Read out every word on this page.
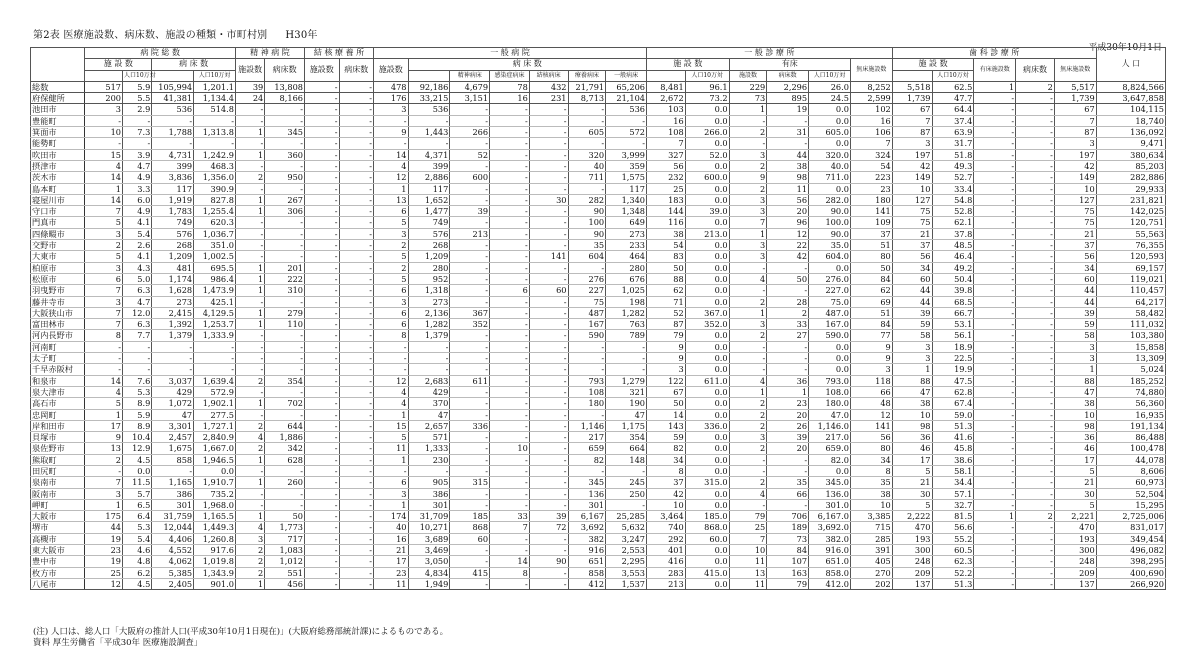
第2表 医療施設数、病床数、施設の種類・市町村別 H30年
平成30年10月1日
	病 院 総 数				精 神 病 院		結 核 療 養 所		一 般 病 院							一 般 診 療 所						歯 科 診 療 所					人 口
	施 設 数		病 床 数		施設数	病床数	施設数	病床数	施設数	病 床 数						施 設 数		有床			無床施設数	施 設 数		有床施設数	病床数	無床施設数	
		人口10万対		人口10万対							精神病床	感染症病床	結核病床	療養病床	一般病床		人口10万対	施設数	病床数	人口10万対			人口10万対				
総数	517	5.9	105,994	1,201.1	39	13,808	-	-	478	92,186	4,679	78	432	21,791	65,206	8,481	96.1	229	2,296	26.0	8,252	5,518	62.5	1	2	5,517	8,824,566
府保健所	200	5.5	41,381	1,134.4	24	8,166	-	-	176	33,215	3,151	16	231	8,713	21,104	2,672	73.2	73	895	24.5	2,599	1,739	47.7	-	-	1,739	3,647,858
池田市	3	2.9	536	514.8	-	-	-	-	3	536	-	-	-	-	536	103	0.0	1	19	0.0	102	67	64.4	-	-	67	104,115
豊能町	-	-	-	-	-	-	-	-	-	-	-	-	-	-	-	16	0.0	-	-	0.0	16	7	37.4	-	-	7	18,740
箕面市	10	7.3	1,788	1,313.8	1	345	-	-	9	1,443	266	-	-	605	572	108	266.0	2	31	605.0	106	87	63.9	-	-	87	136,092
能勢町	-	-	-	-	-	-	-	-	-	-	-	-	-	-	-	7	0.0	-	-	0.0	7	3	31.7	-	-	3	9,471
吹田市	15	3.9	4,731	1,242.9	1	360	-	-	14	4,371	52	-	-	320	3,999	327	52.0	3	44	320.0	324	197	51.8	-	-	197	380,634
摂津市	4	4.7	399	468.3	-	-	-	-	4	399	-	-	-	40	359	56	0.0	2	38	40.0	54	42	49.3	-	-	42	85,203
茨木市	14	4.9	3,836	1,356.0	2	950	-	-	12	2,886	600	-	-	711	1,575	232	600.0	9	98	711.0	223	149	52.7	-	-	149	282,886
島本町	1	3.3	117	390.9	-	-	-	-	1	117	-	-	-	-	117	25	0.0	2	11	0.0	23	10	33.4	-	-	10	29,933
寝屋川市	14	6.0	1,919	827.8	1	267	-	-	13	1,652	-	-	30	282	1,340	183	0.0	3	56	282.0	180	127	54.8	-	-	127	231,821
守口市	7	4.9	1,783	1,255.4	1	306	-	-	6	1,477	39	-	-	90	1,348	144	39.0	3	20	90.0	141	75	52.8	-	-	75	142,025
門真市	5	4.1	749	620.3	-	-	-	-	5	749	-	-	-	100	649	116	0.0	7	96	100.0	109	75	62.1	-	-	75	120,751
四條畷市	3	5.4	576	1,036.7	-	-	-	-	3	576	213	-	-	90	273	38	213.0	1	12	90.0	37	21	37.8	-	-	21	55,563
交野市	2	2.6	268	351.0	-	-	-	-	2	268	-	-	-	35	233	54	0.0	3	22	35.0	51	37	48.5	-	-	37	76,355
大東市	5	4.1	1,209	1,002.5	-	-	-	-	5	1,209	-	-	141	604	464	83	0.0	3	42	604.0	80	56	46.4	-	-	56	120,593
柏原市	3	4.3	481	695.5	1	201	-	-	2	280	-	-	-	-	280	50	0.0	-	-	0.0	50	34	49.2	-	-	34	69,157
松原市	6	5.0	1,174	986.4	1	222	-	-	5	952	-	-	-	276	676	88	0.0	4	50	276.0	84	60	50.4	-	-	60	119,021
羽曳野市	7	6.3	1,628	1,473.9	1	310	-	-	6	1,318	-	6	60	227	1,025	62	0.0	-	-	227.0	62	44	39.8	-	-	44	110,457
藤井寺市	3	4.7	273	425.1	-	-	-	-	3	273	-	-	-	75	198	71	0.0	2	28	75.0	69	44	68.5	-	-	44	64,217
大阪狭山市	7	12.0	2,415	4,129.5	1	279	-	-	6	2,136	367	-	-	487	1,282	52	367.0	1	2	487.0	51	39	66.7	-	-	39	58,482
富田林市	7	6.3	1,392	1,253.7	1	110	-	-	6	1,282	352	-	-	167	763	87	352.0	3	33	167.0	84	59	53.1	-	-	59	111,032
河内長野市	8	7.7	1,379	1,333.9	-	-	-	-	8	1,379	-	-	-	590	789	79	0.0	2	27	590.0	77	58	56.1	-	-	58	103,380
河南町	-	-	-	-	-	-	-	-	-	-	-	-	-	-	-	9	0.0	-	-	0.0	9	3	18.9	-	-	3	15,858
太子町	-	-	-	-	-	-	-	-	-	-	-	-	-	-	-	9	0.0	-	-	0.0	9	3	22.5	-	-	3	13,309
千早赤阪村	-	-	-	-	-	-	-	-	-	-	-	-	-	-	-	3	0.0	-	-	0.0	3	1	19.9	-	-	1	5,024
和泉市	14	7.6	3,037	1,639.4	2	354	-	-	12	2,683	611	-	-	793	1,279	122	611.0	4	36	793.0	118	88	47.5	-	-	88	185,252
泉大津市	4	5.3	429	572.9	-	-	-	-	4	429	-	-	-	108	321	67	0.0	1	1	108.0	66	47	62.8	-	-	47	74,880
高石市	5	8.9	1,072	1,902.1	1	702	-	-	4	370	-	-	-	180	190	50	0.0	2	23	180.0	48	38	67.4	-	-	38	56,360
忠岡町	1	5.9	47	277.5	-	-	-	-	1	47	-	-	-	-	47	14	0.0	2	20	47.0	12	10	59.0	-	-	10	16,935
岸和田市	17	8.9	3,301	1,727.1	2	644	-	-	15	2,657	336	-	-	1,146	1,175	143	336.0	2	26	1,146.0	141	98	51.3	-	-	98	191,134
貝塚市	9	10.4	2,457	2,840.9	4	1,886	-	-	5	571	-	-	-	217	354	59	0.0	3	39	217.0	56	36	41.6	-	-	36	86,488
泉佐野市	13	12.9	1,675	1,667.0	2	342	-	-	11	1,333	-	10	-	659	664	82	0.0	2	20	659.0	80	46	45.8	-	-	46	100,478
熊取町	2	4.5	858	1,946.5	1	628	-	-	1	230	-	-	-	82	148	34	0.0	-	-	82.0	34	17	38.6	-	-	17	44,078
田尻町	-	0.0	-	0.0	-	-	-	-	-	-	-	-	-	-	-	8	0.0	-	-	0.0	8	5	58.1	-	-	5	8,606
泉南市	7	11.5	1,165	1,910.7	1	260	-	-	6	905	315	-	-	345	245	37	315.0	2	35	345.0	35	21	34.4	-	-	21	60,973
阪南市	3	5.7	386	735.2	-	-	-	-	3	386	-	-	-	136	250	42	0.0	4	66	136.0	38	30	57.1	-	-	30	52,504
岬町	1	6.5	301	1,968.0	-	-	-	-	1	301	-	-	-	301	-	10	0.0	-	-	301.0	10	5	32.7	-	-	5	15,295
大阪市	175	6.4	31,759	1,165.5	1	50	-	-	174	31,709	185	33	39	6,167	25,285	3,464	185.0	79	706	6,167.0	3,385	2,222	81.5	1	2	2,221	2,725,006
堺市	44	5.3	12,044	1,449.3	4	1,773	-	-	40	10,271	868	7	72	3,692	5,632	740	868.0	25	189	3,692.0	715	470	56.6	-	-	470	831,017
高槻市	19	5.4	4,406	1,260.8	3	717	-	-	16	3,689	60	-	-	382	3,247	292	60.0	7	73	382.0	285	193	55.2	-	-	193	349,454
東大阪市	23	4.6	4,552	917.6	2	1,083	-	-	21	3,469	-	-	-	916	2,553	401	0.0	10	84	916.0	391	300	60.5	-	-	300	496,082
豊中市	19	4.8	4,062	1,019.8	2	1,012	-	-	17	3,050	-	14	90	651	2,295	416	0.0	11	107	651.0	405	248	62.3	-	-	248	398,295
枚方市	25	6.2	5,385	1,343.9	2	551	-	-	23	4,834	415	8	-	858	3,553	283	415.0	13	163	858.0	270	209	52.2	-	-	209	400,690
八尾市	12	4.5	2,405	901.0	1	456	-	-	11	1,949	-	-	-	412	1,537	213	0.0	11	79	412.0	202	137	51.3	-	-	137	266,920
(注) 人口は、総人口「大阪府の推計人口(平成30年10月1日現在)」(大阪府総務部統計課)によるものである。
資料 厚生労働省「平成30年 医療施設調査」
